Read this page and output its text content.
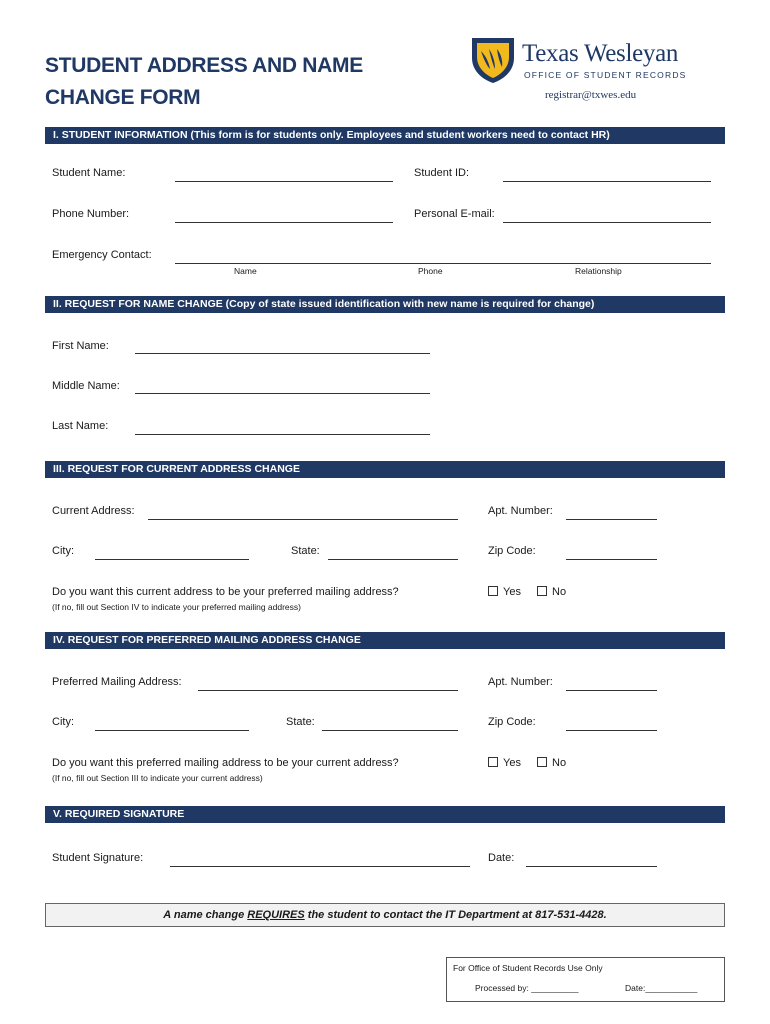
STUDENT ADDRESS AND NAME
CHANGE FORM
Texas Wesleyan
OFFICE OF STUDENT RECORDS
registrar@txwes.edu
I. STUDENT INFORMATION (This form is for students only. Employees and student workers need to contact HR)
Student Name:	Student ID:
Phone Number:	Personal E-mail:
Emergency Contact:
Name	Phone	Relationship
II. REQUEST FOR NAME CHANGE (Copy of state issued identification with new name is required for change)
First Name:
Middle Name:
Last Name:
III. REQUEST FOR CURRENT ADDRESS CHANGE
Current Address:	Apt. Number:
City:	State:	Zip Code:
Do you want this current address to be your preferred mailing address?
(If no, fill out Section IV to indicate your preferred mailing address)
Yes	No
IV. REQUEST FOR PREFERRED MAILING ADDRESS CHANGE
Preferred Mailing Address:	Apt. Number:
City:	State:	Zip Code:
Do you want this preferred mailing address to be your current address?
(If no, fill out Section III to indicate your current address)
Yes	No
V. REQUIRED SIGNATURE
Student Signature:	Date:
A name change REQUIRES the student to contact the IT Department at 817-531-4428.
For Office of Student Records Use Only
Processed by: __________	Date:___________
